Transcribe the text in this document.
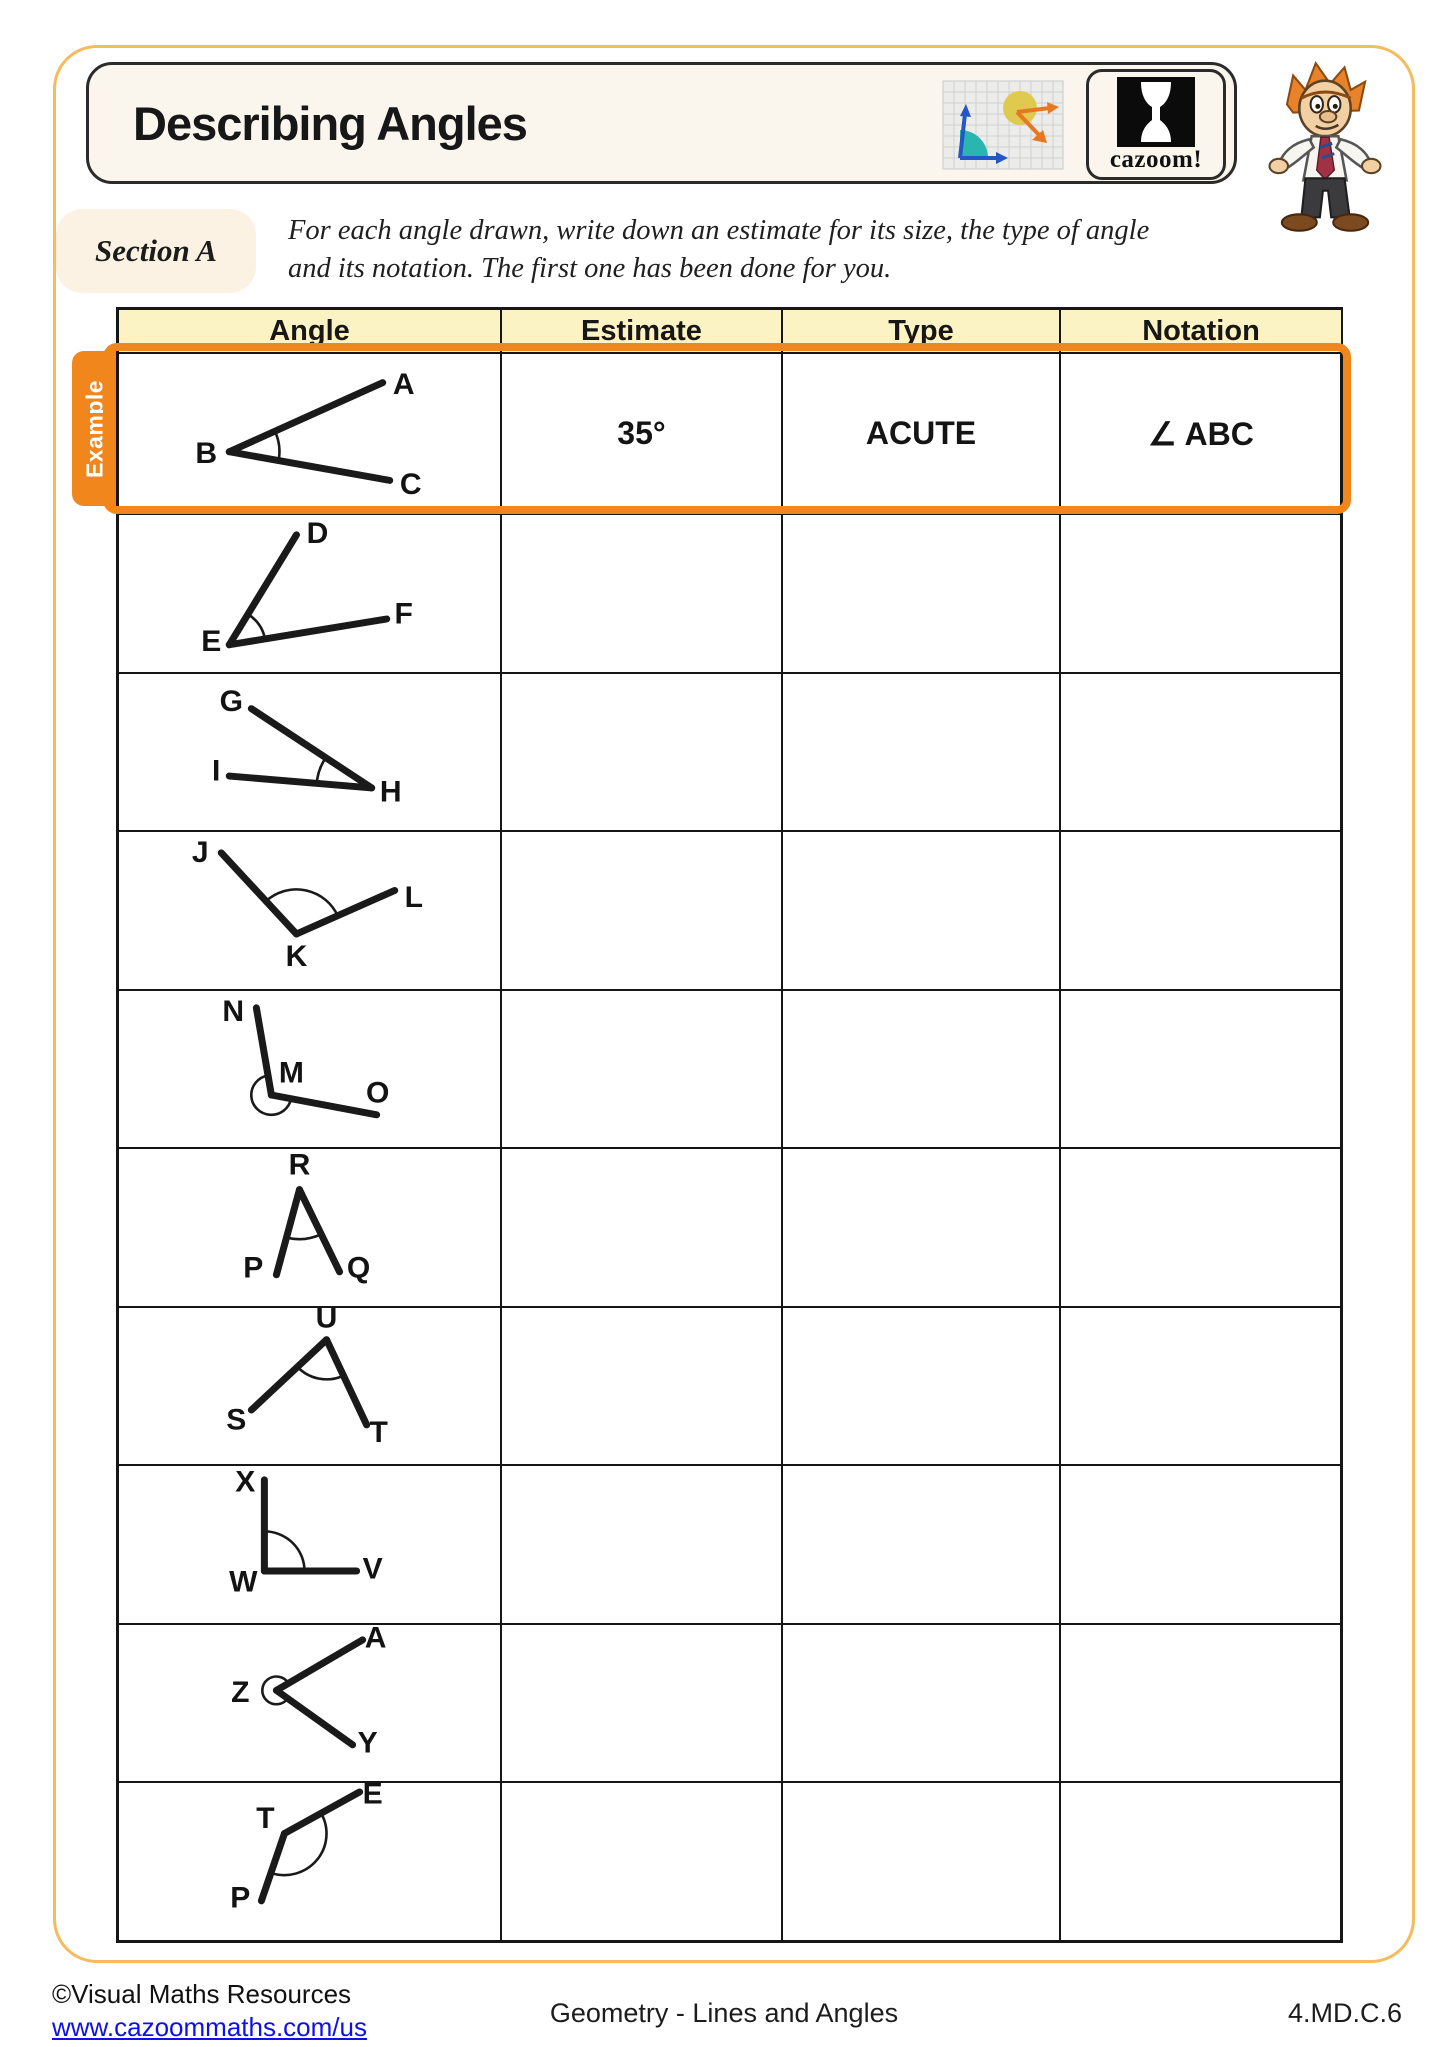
Describing Angles
cazoom!
Section A
For each angle drawn, write down an estimate for its size, the type of angle
and its notation. The first one has been done for you.
Example
Angle	Estimate	Type	Notation
A
B
C
35°	ACUTE	∠ ABC
D
E
F
G
I
H
J
K
L
N
M
O
R
P	Q
U
S	T
X
W	V
Z
A
Y
T
E
P
©Visual Maths Resources
www.cazoommaths.com/us	Geometry - Lines and Angles	4.MD.C.6
